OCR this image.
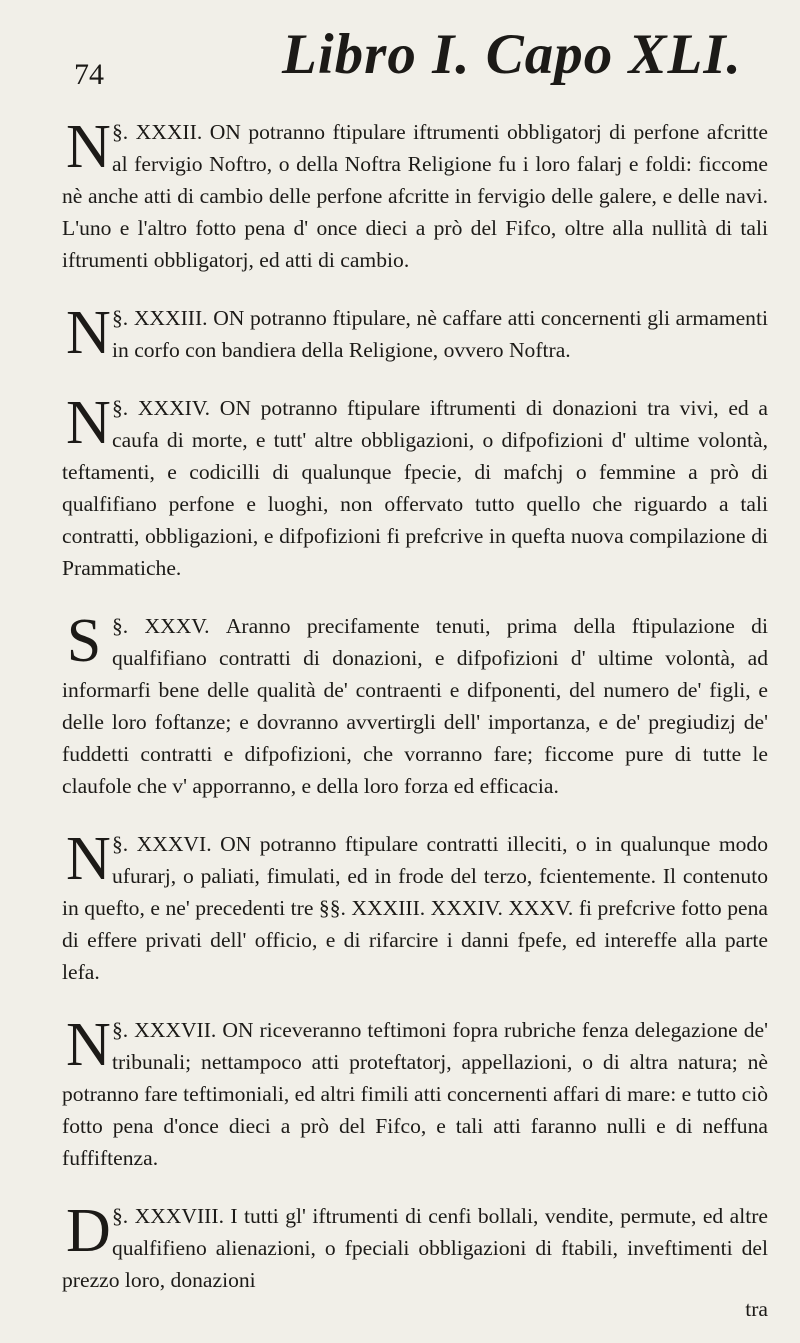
74	Libro I. Capo XLI.

§. XXXII.
N	ON potranno ftipulare iftrumenti obbligatorj di perfone afcritte al fervigio Noftro, o della Noftra Religione fu i loro falarj e foldi: ficcome nè anche atti di cambio delle perfone afcritte in fervigio delle galere, e delle navi. L'uno e l'altro fotto pena d' once dieci a prò del Fifco, oltre alla nullità di tali iftrumenti obbligatorj, ed atti di cambio.

§. XXXIII.
N	ON potranno ftipulare, nè caffare atti concernenti gli armamenti in corfo con bandiera della Religione, ovvero Noftra.

§. XXXIV.
N	ON potranno ftipulare iftrumenti di donazioni tra vivi, ed a caufa di morte, e tutt' altre obbligazioni, o difpofizioni d' ultime volontà, teftamenti, e codicilli di qualunque fpecie, di mafchj o femmine a prò di qualfifiano perfone e luoghi, non offervato tutto quello che riguardo a tali contratti, obbligazioni, e difpofizioni fi prefcrive in quefta nuova compilazione di Prammatiche.

§. XXXV.
S	Aranno precifamente tenuti, prima della ftipulazione di qualfifiano contratti di donazioni, e difpofizioni d' ultime volontà, ad informarfi bene delle qualità de' contraenti e difponenti, del numero de' figli, e delle loro foftanze; e dovranno avvertirgli dell' importanza, e de' pregiudizj de' fuddetti contratti e difpofizioni, che vorranno fare; ficcome pure di tutte le claufole che v' apporranno, e della loro forza ed efficacia.

§. XXXVI.
N	ON potranno ftipulare contratti illeciti, o in qualunque modo ufurarj, o paliati, fimulati, ed in frode del terzo, fcientemente. Il contenuto in quefto, e ne' precedenti tre §§. XXXIII. XXXIV. XXXV. fi prefcrive fotto pena di effere privati dell' officio, e di rifarcire i danni fpefe, ed intereffe alla parte lefa.

§. XXXVII.
N	ON riceveranno teftimoni fopra rubriche fenza delegazione de' tribunali; nettampoco atti proteftatorj, appellazioni, o di altra natura; nè potranno fare teftimoniali, ed altri fimili atti concernenti affari di mare: e tutto ciò fotto pena d'once dieci a prò del Fifco, e tali atti faranno nulli e di neffuna fuffiftenza.

§. XXXVIII.
D	I tutti gl' iftrumenti di cenfi bollali, vendite, permute, ed altre qualfifieno alienazioni, o fpeciali obbligazioni di ftabili, inveftimenti del prezzo loro, donazioni

tra
